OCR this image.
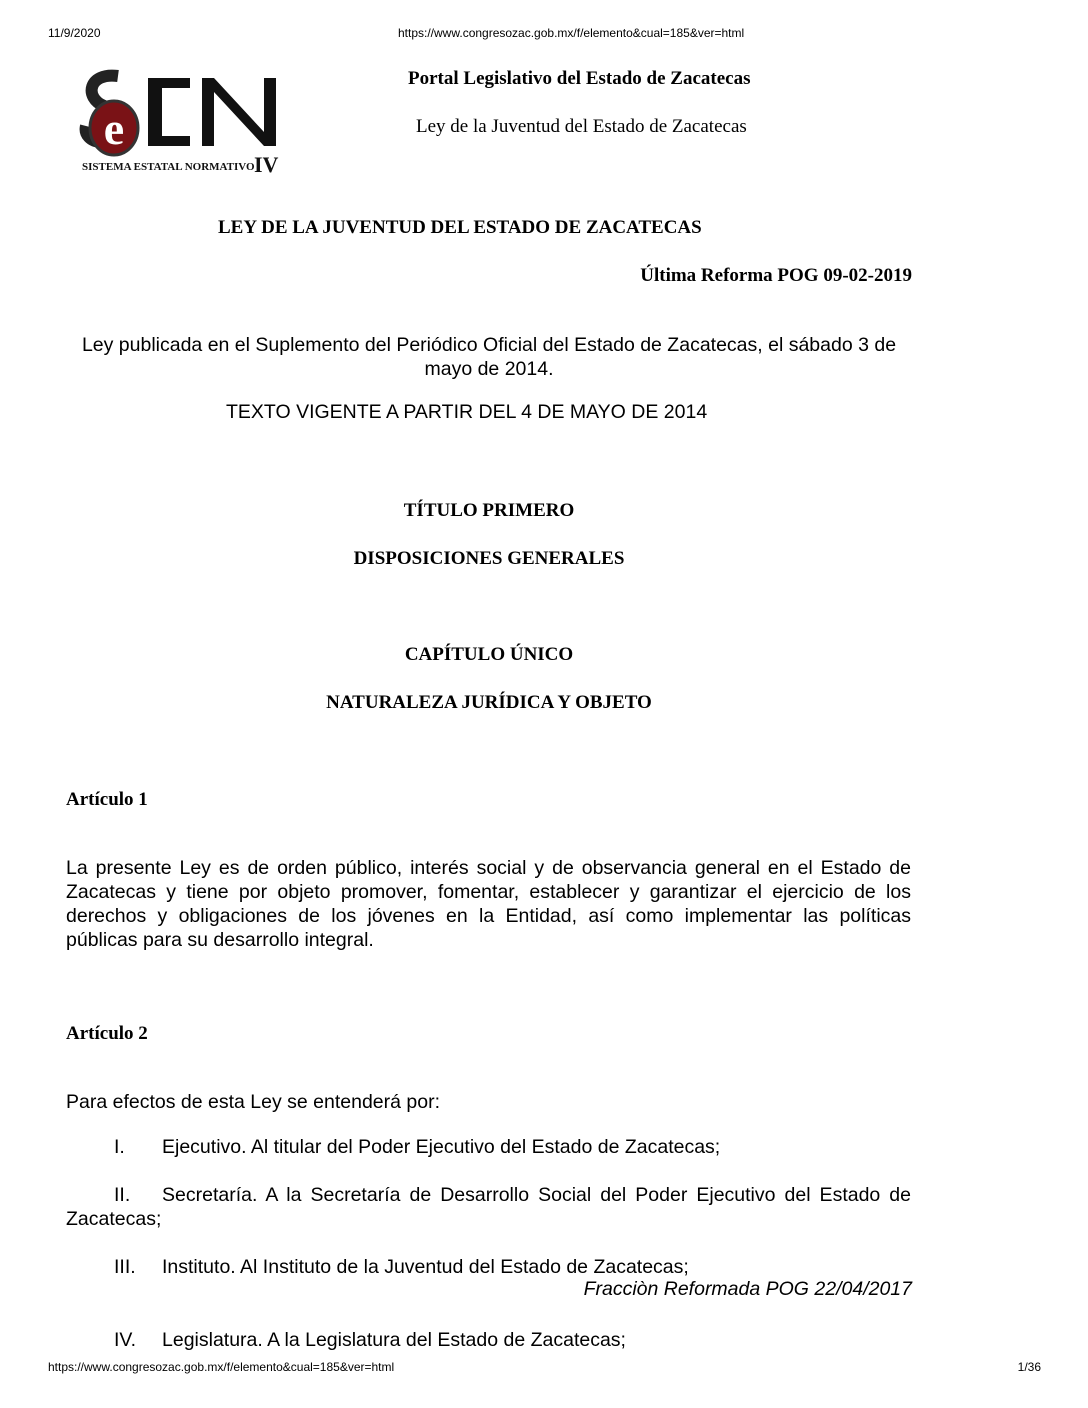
11/9/2020	https://www.congresozac.gob.mx/f/elemento&cual=185&ver=html
e
SISTEMA ESTATAL NORMATIVO IV
Portal Legislativo del Estado de Zacatecas
Ley de la Juventud del Estado de Zacatecas
LEY DE LA JUVENTUD DEL ESTADO DE ZACATECAS
Última Reforma POG 09-02-2019
Ley publicada en el Suplemento del Periódico Oficial del Estado de Zacatecas, el sábado 3 de mayo de 2014.
TEXTO VIGENTE A PARTIR DEL 4 DE MAYO DE 2014
TÍTULO PRIMERO
DISPOSICIONES GENERALES
CAPÍTULO ÚNICO
NATURALEZA JURÍDICA Y OBJETO
Artículo 1
La presente Ley es de orden público, interés social y de observancia general en el Estado de Zacatecas y tiene por objeto promover, fomentar, establecer y garantizar el ejercicio de los derechos y obligaciones de los jóvenes en la Entidad, así como implementar las políticas públicas para su desarrollo integral.
Artículo 2
Para efectos de esta Ley se entenderá por:
I. Ejecutivo. Al titular del Poder Ejecutivo del Estado de Zacatecas;
II. Secretaría. A la Secretaría de Desarrollo Social del Poder Ejecutivo del Estado de Zacatecas;
III. Instituto. Al Instituto de la Juventud del Estado de Zacatecas;
Fracciòn Reformada POG 22/04/2017
IV. Legislatura. A la Legislatura del Estado de Zacatecas;
https://www.congresozac.gob.mx/f/elemento&cual=185&ver=html	1/36
